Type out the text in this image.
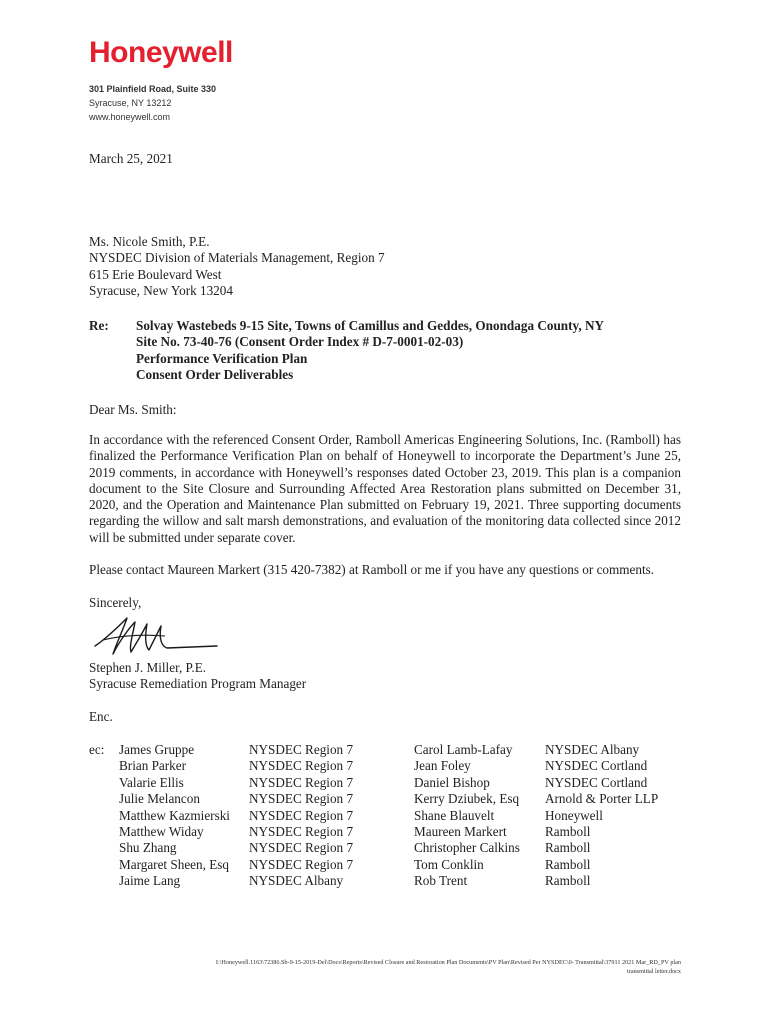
Honeywell
301 Plainfield Road, Suite 330
Syracuse, NY 13212
www.honeywell.com
March 25, 2021
Ms. Nicole Smith, P.E.
NYSDEC Division of Materials Management, Region 7
615 Erie Boulevard West
Syracuse, New York 13204
Re: Solvay Wastebeds 9-15 Site, Towns of Camillus and Geddes, Onondaga County, NY
Site No. 73-40-76 (Consent Order Index # D-7-0001-02-03)
Performance Verification Plan
Consent Order Deliverables
Dear Ms. Smith:
In accordance with the referenced Consent Order, Ramboll Americas Engineering Solutions, Inc. (Ramboll) has finalized the Performance Verification Plan on behalf of Honeywell to incorporate the Department’s June 25, 2019 comments, in accordance with Honeywell’s responses dated October 23, 2019. This plan is a companion document to the Site Closure and Surrounding Affected Area Restoration plans submitted on December 31, 2020, and the Operation and Maintenance Plan submitted on February 19, 2021. Three supporting documents regarding the willow and salt marsh demonstrations, and evaluation of the monitoring data collected since 2012 will be submitted under separate cover.
Please contact Maureen Markert (315 420-7382) at Ramboll or me if you have any questions or comments.
Sincerely,
Stephen J. Miller, P.E.
Syracuse Remediation Program Manager
Enc.
ec: James Gruppe
Brian Parker
Valarie Ellis
Julie Melancon
Matthew Kazmierski
Matthew Widay
Shu Zhang
Margaret Sheen, Esq
Jaime Lang
NYSDEC Region 7
NYSDEC Region 7
NYSDEC Region 7
NYSDEC Region 7
NYSDEC Region 7
NYSDEC Region 7
NYSDEC Region 7
NYSDEC Region 7
NYSDEC Albany
Carol Lamb-Lafay
Jean Foley
Daniel Bishop
Kerry Dziubek, Esq
Shane Blauvelt
Maureen Markert
Christopher Calkins
Tom Conklin
Rob Trent
NYSDEC Albany
NYSDEC Cortland
NYSDEC Cortland
Arnold & Porter LLP
Honeywell
Ramboll
Ramboll
Ramboll
Ramboll
I:\Honeywell.1163\72386.Sb-9-15-2019-Del\Docs\Reports\Revised Closure and Restoration Plan Documents\PV Plan\Revised Per NYSDEC\0- Transmittal\37911 2021 Mar_RD_PV plan
transmittal letter.docx
